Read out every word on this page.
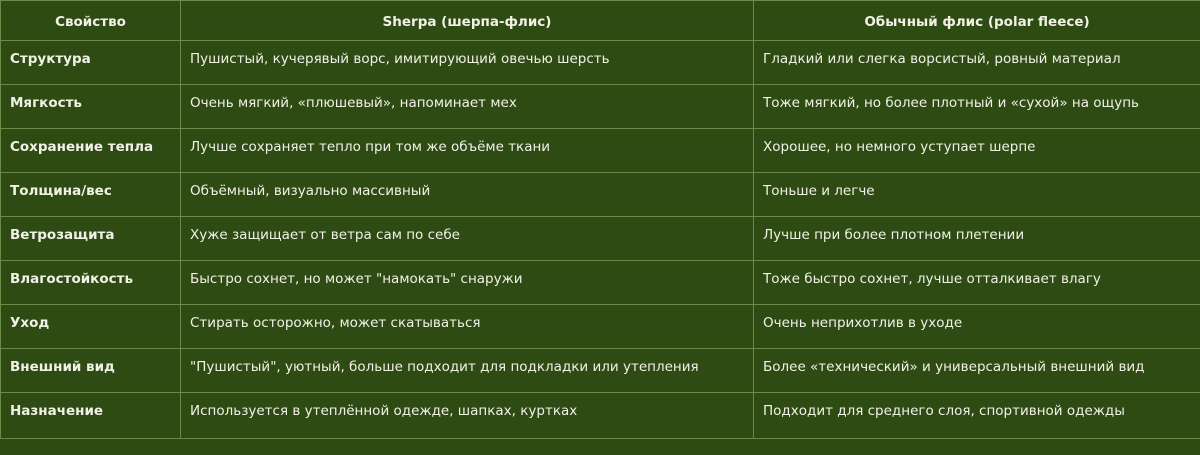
Свойство	Sherpa (шерпа-флис)	Обычный флис (polar fleece)
Структура	Пушистый, кучерявый ворс, имитирующий овечью шерсть	Гладкий или слегка ворсистый, ровный материал
Мягкость	Очень мягкий, «плюшевый», напоминает мех	Тоже мягкий, но более плотный и «сухой» на ощупь
Сохранение тепла	Лучше сохраняет тепло при том же объёме ткани	Хорошее, но немного уступает шерпе
Толщина/вес	Объёмный, визуально массивный	Тоньше и легче
Ветрозащита	Хуже защищает от ветра сам по себе	Лучше при более плотном плетении
Влагостойкость	Быстро сохнет, но может "намокать" снаружи	Тоже быстро сохнет, лучше отталкивает влагу
Уход	Стирать осторожно, может скатываться	Очень неприхотлив в уходе
Внешний вид	"Пушистый", уютный, больше подходит для подкладки или утепления	Более «технический» и универсальный внешний вид
Назначение	Используется в утеплённой одежде, шапках, куртках	Подходит для среднего слоя, спортивной одежды
